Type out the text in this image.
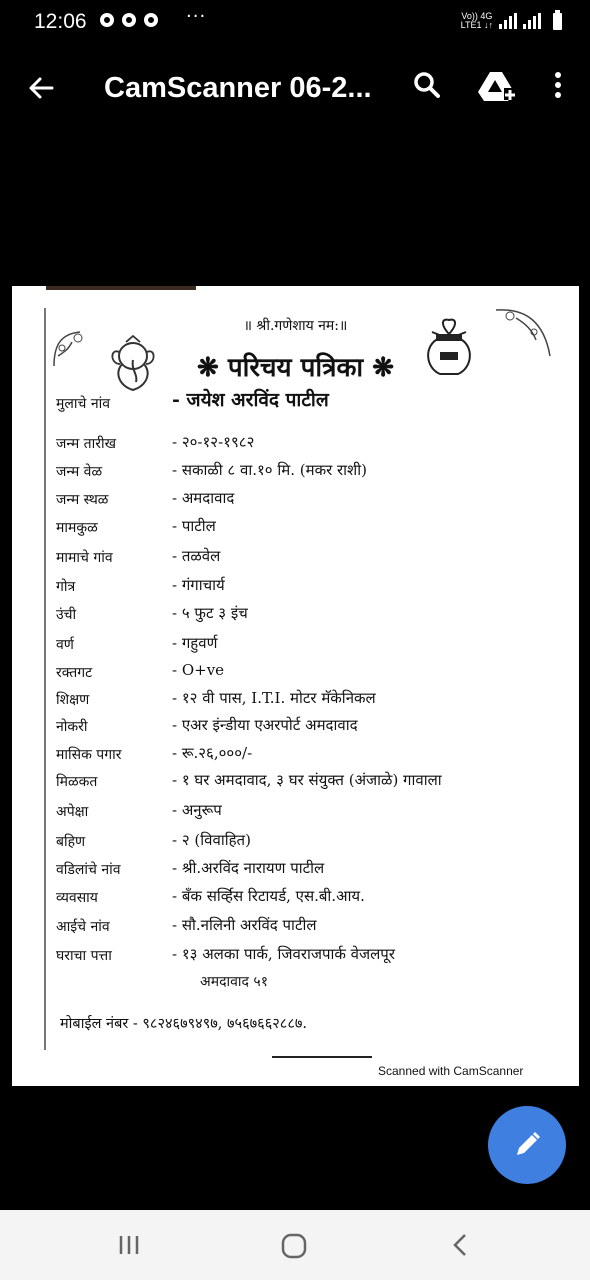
12:06	···	Vo)) 4G
LTE1 ↓↑
CamScanner 06-2...
॥ श्री.गणेशाय नम:॥
❋ परिचय पत्रिका ❋
मुलाचे नांव	- जयेश अरविंद पाटील
जन्म तारीख	- २०-१२-१९८२
जन्म वेळ	- सकाळी ८ वा.१० मि. (मकर राशी)
जन्म स्थळ	- अमदावाद
मामकुळ	- पाटील
मामाचे गांव	- तळवेल
गोत्र	- गंगाचार्य
उंची	- ५ फुट ३ इंच
वर्ण	- गहुवर्ण
रक्तगट	- O+ve
शिक्षण	- १२ वी पास, I.T.I. मोटर मॅकेनिकल
नोकरी	- एअर इंन्डीया एअरपोर्ट अमदावाद
मासिक पगार	- रू.२६,०००/-
मिळकत	- १ घर अमदावाद, ३ घर संयुक्त (अंजाळे) गावाला
अपेक्षा	- अनुरूप
बहिण	- २ (विवाहित)
वडिलांचे नांव	- श्री.अरविंद नारायण पाटील
व्यवसाय	- बँक सर्व्हिस रिटायर्ड, एस.बी.आय.
आईचे नांव	- सौ.नलिनी अरविंद पाटील
घराचा पत्ता	- १३ अलका पार्क, जिवराजपार्क वेजलपूर
अमदावाद ५१
मोबाईल नंबर - ९८२४६७९४९७, ७५६७६६२८८७.
Scanned with CamScanner
